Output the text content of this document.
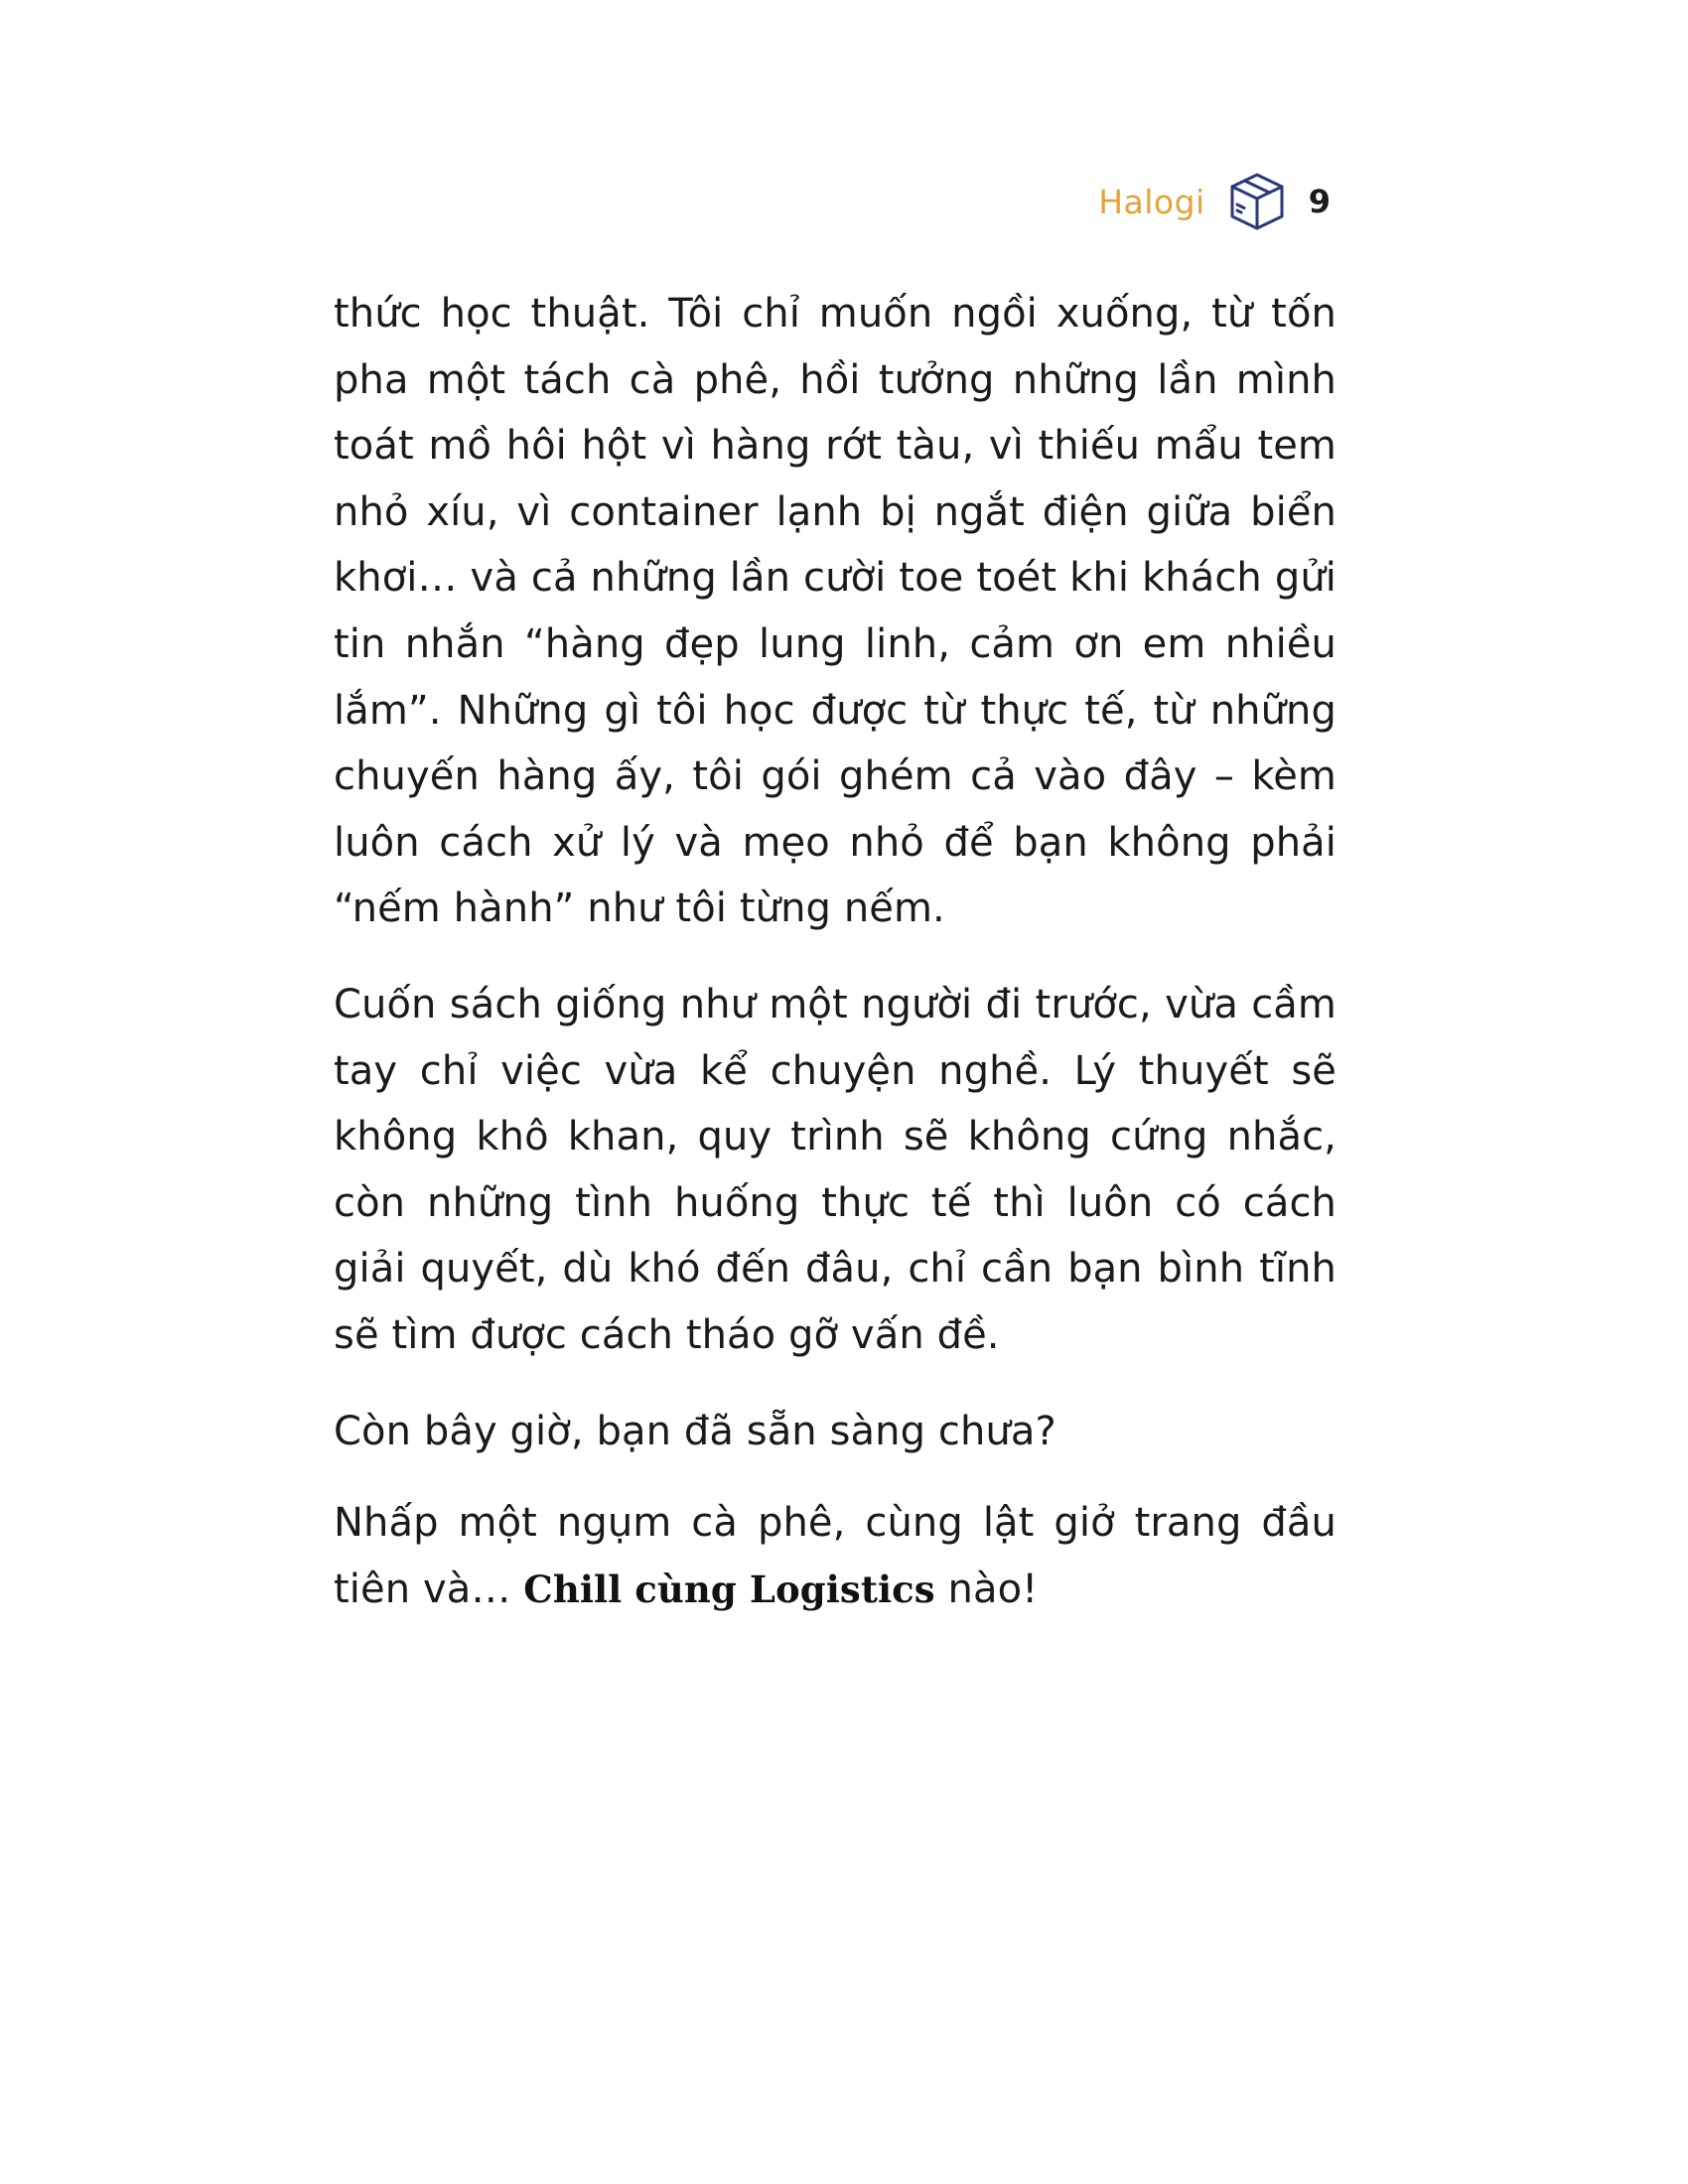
Halogi	9

thức học thuật. Tôi chỉ muốn ngồi xuống, từ tốn pha một tách cà phê, hồi tưởng những lần mình toát mồ hôi hột vì hàng rớt tàu, vì thiếu mẩu tem nhỏ xíu, vì container lạnh bị ngắt điện giữa biển khơi… và cả những lần cười toe toét khi khách gửi tin nhắn “hàng đẹp lung linh, cảm ơn em nhiều lắm”. Những gì tôi học được từ thực tế, từ những chuyến hàng ấy, tôi gói ghém cả vào đây – kèm luôn cách xử lý và mẹo nhỏ để bạn không phải “nếm hành” như tôi từng nếm.

Cuốn sách giống như một người đi trước, vừa cầm tay chỉ việc vừa kể chuyện nghề. Lý thuyết sẽ không khô khan, quy trình sẽ không cứng nhắc, còn những tình huống thực tế thì luôn có cách giải quyết, dù khó đến đâu, chỉ cần bạn bình tĩnh sẽ tìm được cách tháo gỡ vấn đề.

Còn bây giờ, bạn đã sẵn sàng chưa?

Nhấp một ngụm cà phê, cùng lật giở trang đầu tiên và… Chill cùng Logistics nào!
